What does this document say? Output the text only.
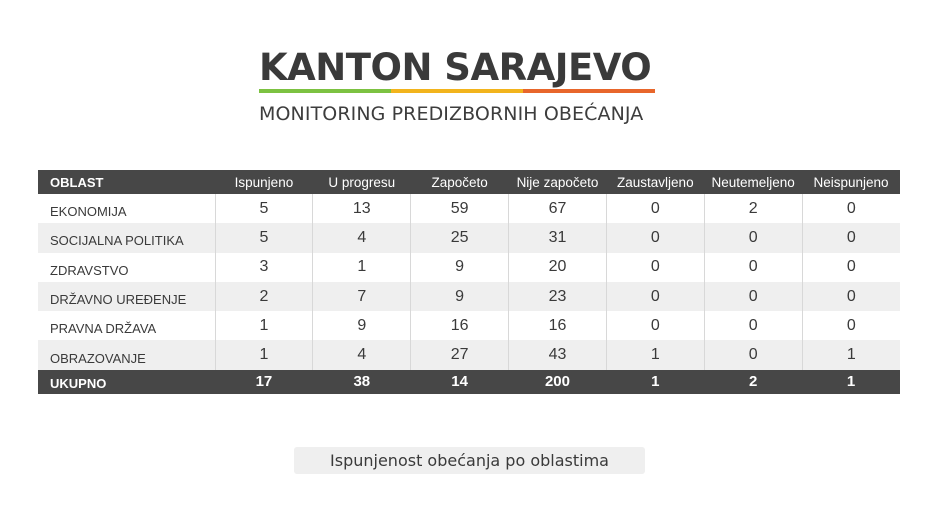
KANTON SARAJEVO
MONITORING PREDIZBORNIH OBEĆANJA
OBLAST	Ispunjeno	U progresu	Započeto	Nije započeto	Zaustavljeno	Neutemeljeno	Neispunjeno
EKONOMIJA	5	13	59	67	0	2	0
SOCIJALNA POLITIKA	5	4	25	31	0	0	0
ZDRAVSTVO	3	1	9	20	0	0	0
DRŽAVNO UREĐENJE	2	7	9	23	0	0	0
PRAVNA DRŽAVA	1	9	16	16	0	0	0
OBRAZOVANJE	1	4	27	43	1	0	1
UKUPNO	17	38	14	200	1	2	1
Ispunjenost obećanja po oblastima
